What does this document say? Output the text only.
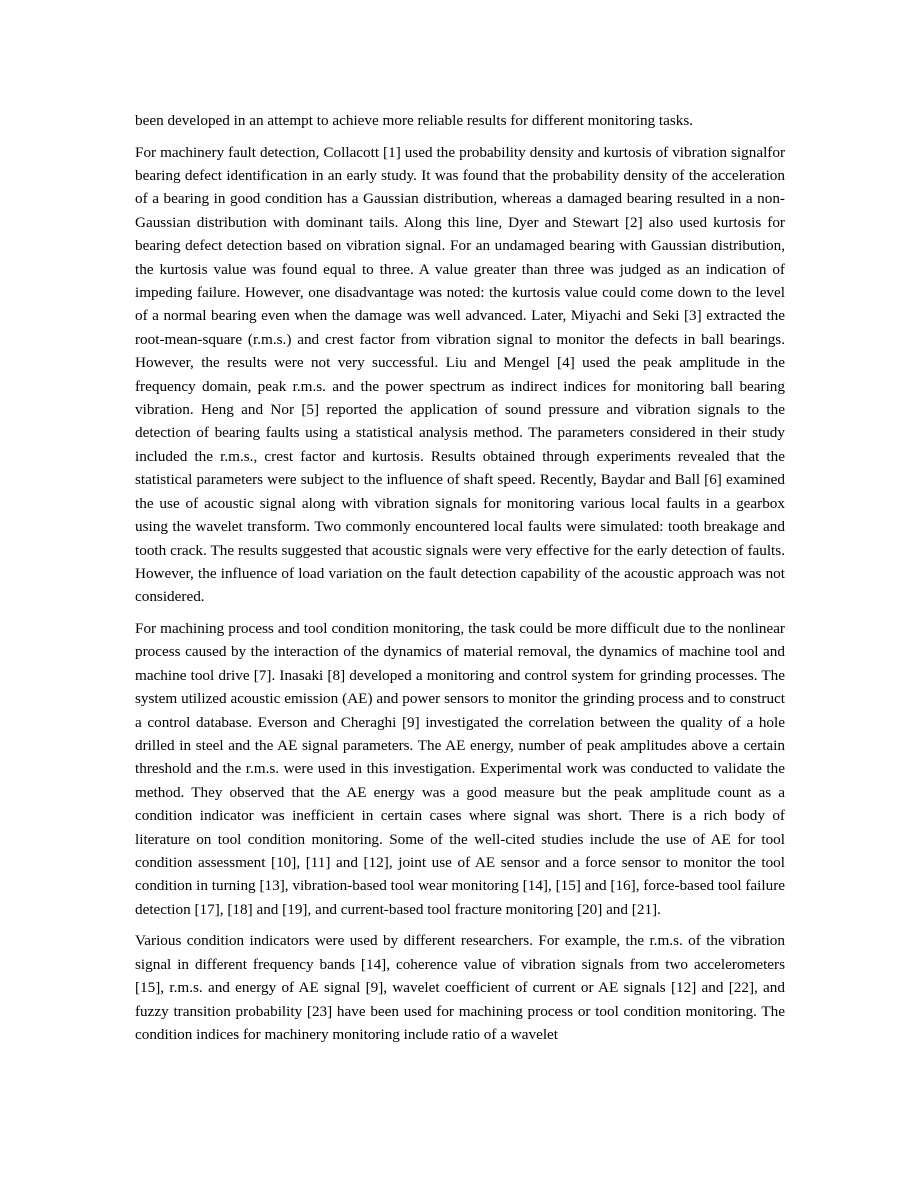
been developed in an attempt to achieve more reliable results for different monitoring tasks.

For machinery fault detection, Collacott [1] used the probability density and kurtosis of vibration signalfor bearing defect identification in an early study. It was found that the probability density of the acceleration of a bearing in good condition has a Gaussian distribution, whereas a damaged bearing resulted in a non-Gaussian distribution with dominant tails. Along this line, Dyer and Stewart [2] also used kurtosis for bearing defect detection based on vibration signal. For an undamaged bearing with Gaussian distribution, the kurtosis value was found equal to three. A value greater than three was judged as an indication of impeding failure. However, one disadvantage was noted: the kurtosis value could come down to the level of a normal bearing even when the damage was well advanced. Later, Miyachi and Seki [3] extracted the root-mean-square (r.m.s.) and crest factor from vibration signal to monitor the defects in ball bearings. However, the results were not very successful. Liu and Mengel [4] used the peak amplitude in the frequency domain, peak r.m.s. and the power spectrum as indirect indices for monitoring ball bearing vibration. Heng and Nor [5] reported the application of sound pressure and vibration signals to the detection of bearing faults using a statistical analysis method. The parameters considered in their study included the r.m.s., crest factor and kurtosis. Results obtained through experiments revealed that the statistical parameters were subject to the influence of shaft speed. Recently, Baydar and Ball [6] examined the use of acoustic signal along with vibration signals for monitoring various local faults in a gearbox using the wavelet transform. Two commonly encountered local faults were simulated: tooth breakage and tooth crack. The results suggested that acoustic signals were very effective for the early detection of faults. However, the influence of load variation on the fault detection capability of the acoustic approach was not considered.

For machining process and tool condition monitoring, the task could be more difficult due to the nonlinear process caused by the interaction of the dynamics of material removal, the dynamics of machine tool and machine tool drive [7]. Inasaki [8] developed a monitoring and control system for grinding processes. The system utilized acoustic emission (AE) and power sensors to monitor the grinding process and to construct a control database. Everson and Cheraghi [9] investigated the correlation between the quality of a hole drilled in steel and the AE signal parameters. The AE energy, number of peak amplitudes above a certain threshold and the r.m.s. were used in this investigation. Experimental work was conducted to validate the method. They observed that the AE energy was a good measure but the peak amplitude count as a condition indicator was inefficient in certain cases where signal was short. There is a rich body of literature on tool condition monitoring. Some of the well-cited studies include the use of AE for tool condition assessment [10], [11] and [12], joint use of AE sensor and a force sensor to monitor the tool condition in turning [13], vibration-based tool wear monitoring [14], [15] and [16], force-based tool failure detection [17], [18] and [19], and current-based tool fracture monitoring [20] and [21].

Various condition indicators were used by different researchers. For example, the r.m.s. of the vibration signal in different frequency bands [14], coherence value of vibration signals from two accelerometers [15], r.m.s. and energy of AE signal [9], wavelet coefficient of current or AE signals [12] and [22], and fuzzy transition probability [23] have been used for machining process or tool condition monitoring. The condition indices for machinery monitoring include ratio of a wavelet
